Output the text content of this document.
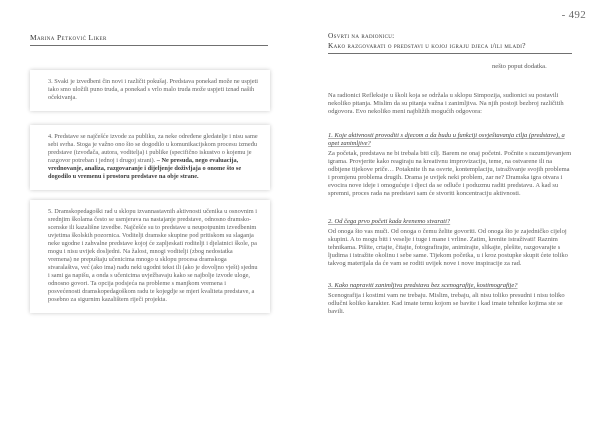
- 492
Marina Petković Liker
3. Svaki je izvedbeni čin novi i različit pokušaj. Predstava ponekad može ne uspjeti iako smo uložili puno truda, a ponekad s vrlo malo truda može uspjeti iznad naših očekivanja.
4. Predstave se najčešće izvode za publiku, za neke određene gledatelje i nisu same sebi svrha. Stoga je važno ono što se dogodilo u komunikacijskom procesu između predstave (izvođača, autora, voditelja) i publike (specifično iskustvo o kojemu je razgovor potreban i jednoj i drugoj strani). – Ne presuda, nego evaluacija, vrednovanje, analiza, razgovaranje i dijeljenje doživljaja o onome što se dogodilo u vremenu i prostoru predstave na obje strane.
5. Dramskopedagoški rad u sklopu izvannastavnih aktivnosti učenika u osnovnim i srednjim školama često se usmjerava na nastajanje predstave, odnosno dramsko-scenske ili kazališne izvedbe. Najčešće su to predstave u neupotpunim izvedbenim uvjetima školskih pozornica. Voditelji dramske skupine pod pritiskom su slaganja neke ugodne i zahvalne predstave kojoj će zapljeskati roditelji i djelatnici škole, pa mogu i nisu uvijek dosljedni. Na žalost, mnogi voditelji (zbog nedostatka vremena) ne prepuštaju učenicima mnogo u sklopu procesa dramskoga stvaralaštva, već (ako ima) nađu neki ugodni tekst ili (ako je dovoljno vješt) sjednu i sami ga napišu, a onda s učenicima uvježbavaju kako se najbolje izvode uloge, odnosno govori. Ta opcija podsjeća na probleme s manjkom vremena i posvećenosti dramskopedagoškom radu te kojegdje se mjeri kvaliteta predstave, a posebno za sigurnim kazalištem riječi projekta.
Osvrti na radionicu:
Kako razgovarati o predstavi u kojoj igraju djeca i/ili mladi?
nešto poput dodatka.

Na radionici Refleksije u školi koja se održala u sklopu Simpozija, sudionici su postavili nekoliko pitanja. Mislim da su pitanja važna i zanimljiva. Na njih postoji bezbroj različitih odgovora. Evo nekoliko meni najbližih mogućih odgovora:

1. Koje aktivnosti provoditi s djecom a da budu u funkciji osvještavanja cilja (predstave), a opet zanimljive?

Za početak, predstava ne bi trebala biti cilj. Barem ne onaj početni. Počnite s razumijevanjem igrama. Provjerite kako reagiraju na kreativnu improvizaciju, teme, na ostvarene ili na odbijene tijekove priče… Potaknite ih na osvrte, kontemplaciju, istraživanje svojih problema i promjenu problema drugih. Drama je uvijek neki problem, zar ne? Dramska igra otvara i evocira nove ideje i omogućuje i djeci da se odluče i poduzmu raditi predstavu. A kad su spremni, proces rada na predstavi sam će stvoriti koncentraciju aktivnosti.

2. Od čega prvo početi kada krenemo stvarati?

Od onoga što vas muči. Od onoga o čemu želite govoriti. Od onoga što je zajedničko cijeloj skupini. A to mogu biti i veselje i tuge i mane i vrline. Zatim, krenite istraživati! Raznim tehnikama. Pišite, crtajte, čitajte, fotografirajte, animirajte, slikajte, plešite, razgovarajte s ljudima i istražite okolinu i sebe same. Tijekom početka, u i kroz postupke skupit ćete toliko takvog materijala da će vam se roditi uvijek nove i nove inspiracije za rad.

3. Kako napraviti zanimljivu predstavu bez scenografije, kostimografije?

Scenografija i kostimi vam ne trebaju. Mislim, trebaju, ali nisu toliko presudni i nisu toliko odlučni koliko karakter. Kad imate temu kojom se bavite i kad imate tehnike kojima ste se bavili.
